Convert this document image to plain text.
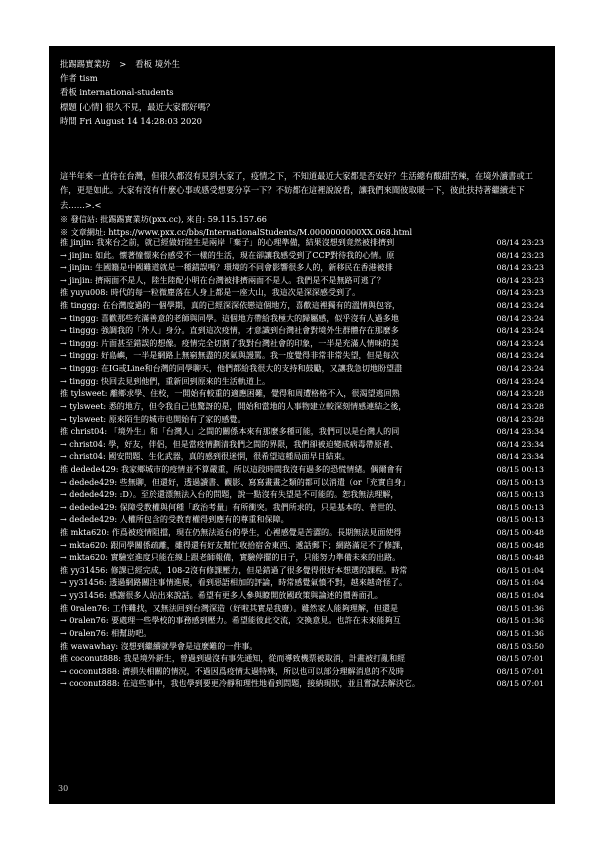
批踢踢實業坊 > 看板 境外生
作者 tism
看板 international-students
標題 [心情] 很久不見，最近大家都好嗎？
時間 Fri August 14 14:28:03 2020
這半年來一直待在台灣，但很久都沒有見到大家了，疫情之下，不知道最近大家都是否安好？生活總有酸甜苦辣，在境外讀書或工作，更是如此。大家有沒有什麼心事或感受想要分享一下？不妨都在這裡說說看，讓我們來聞彼取暖一下，彼此扶持著繼續走下去……>.<
※ 發信站: 批踢踢實業坊(pxx.cc), 來自: 59.115.157.66
※ 文章網址: https://www.pxx.cc/bbs/InternationalStudents/M.0000000000XX.068.html
推 jinjin: 我來台之前，就已經做好陸生是兩岸「棄子」的心理準備，結果沒想到竟然被排擠到	08/14 23:23
→ jinjin: 如此。懷著憧憬來台感受不一樣的生活，現在卻讓我感受到了CCP對待我的心情。原	08/14 23:23
→ jinjin: 生國籍是中國難道就是一種錯誤嗎？環境的不同會影響很多人的，新移民在香港被排	08/14 23:23
→ jinjin: 擠兩面不是人，陸生陸配小明在台灣被排擠兩面不是人。我們是不是無路可逃了？	08/14 23:23
推 yuyu008: 時代的每一粒微塵落在人身上都是一座大山，我這次是深深感受到了。	08/14 23:23
推 tinggg: 在台灣度過的一個學期，真的已經深深依戀這個地方，喜歡這裡獨有的溫情與包容，	08/14 23:24
→ tinggg: 喜歡那些充滿善意的老師與同學。這個地方帶給我極大的歸屬感，似乎沒有人過多地	08/14 23:24
→ tinggg: 強調我的「外人」身分。直到這次疫情，才意識到台灣社會對境外生群體存在那麼多	08/14 23:24
→ tinggg: 片面甚至錯誤的想像。疫情完全切割了我對台灣社會的印象，一半是充滿人情味的美	08/14 23:24
→ tinggg: 好島嶼，一半是網路上無窮無盡的戾氣與謾罵。我一度覺得非常非常失望，但是每次	08/14 23:24
→ tinggg: 在IG或Line和台灣的同學聊天，他們都給我很大的支持和鼓勵，又讓我急切地盼望盡	08/14 23:24
→ tinggg: 快回去見到他們，重新回到原來的生活軌道上。	08/14 23:24
推 tylsweet: 離鄉求學、住校，一開始有較重的適應困難，覺得和周遭格格不入，很渴望逃回熟	08/14 23:28
→ tylsweet: 悉的地方，但令我自己也驚訝的是，開始和當地的人事物建立較深刻情感連結之後，	08/14 23:28
→ tylsweet: 原來陌生的城市也開始有了家的感覺。	08/14 23:28
推 christ04: 「境外生」和「台灣人」之間的關係本來有那麼多種可能，我們可以是台灣人的同	08/14 23:34
→ christ04: 學，好友，伴侶，但是當疫情劃清我們之間的界限，我們卻被迫變成病毒帶原者、	08/14 23:34
→ christ04: 國安問題、生化武器，真的感到很迷惘，很希望這種局面早日結束。	08/14 23:34
推 dedede429: 我家鄉城市的疫情並不算嚴重，所以這段時間我沒有過多的恐慌情緒。偶爾會有	08/15 00:13
→ dedede429: 些無聊，但還好，透過讀書、觀影、寫寫畫畫之類的都可以消遣（or「充實自身」	08/15 00:13
→ dedede429: :D）。至於還漂無法入台的問題，說一點沒有失望是不可能的。恕我無法理解，	08/15 00:13
→ dedede429: 保障受教權與何種「政治考量」有所衝突。我們所求的，只是基本的、普世的、	08/15 00:13
→ dedede429: 人權所包含的受教育權得到應有的尊重和保障。	08/15 00:13
推 mkta620: 作爲被疫情阻擋，現在仍無法返台的學生，心裡感覺是苦澀的。長期無法見面使得	08/15 00:48
→ mkta620: 跟同學關係疏離，雖得還有好友幫忙收拾宿舍東西、遞話郵下；網路滿足不了修課，	08/15 00:48
→ mkta620: 實驗室進度只能在線上跟老師報備，實驗停擺的日子，只能努力準備未來的出路。	08/15 00:48
推 yy31456: 修課已經完成，108-2沒有修課壓力，但是錯過了很多覺得很好本想選的課程。時常	08/15 01:04
→ yy31456: 透過網路關注事情進展，看到惡語相加的評論，時常感覺氣憤不對，越來越奇怪了。	08/15 01:04
→ yy31456: 感謝很多人站出來說話。希望有更多人參與瞭開放國政策與論述的價善面孔。	08/15 01:04
推 0ralen76: 工作難找，又無法回到台灣深造（好啦其實是我廢）。雖然家人能夠理解，但還是	08/15 01:36
→ 0ralen76: 要處理一些學校的事務感到壓力。希望能彼此交流，交換意見。也許在未來能夠互	08/15 01:36
→ 0ralen76: 相幫助吧。	08/15 01:36
推 wawawhay: 沒想到繼續就學會是這麼難的一件事。	08/15 03:50
推 coconut888: 我是境外新生，曾過到過沒有事先通知，從而導致機票被取消，計畫被打亂和經	08/15 07:01
→ coconut888: 濟損失相關的情況，不過因爲疫情太過特殊，所以也可以部分理解消息的不及時	08/15 07:01
→ coconut888: 在這些事中，我也學到要更冷靜和理性地看到問題，接納現狀，並且嘗試去解決它。	08/15 07:01
30
